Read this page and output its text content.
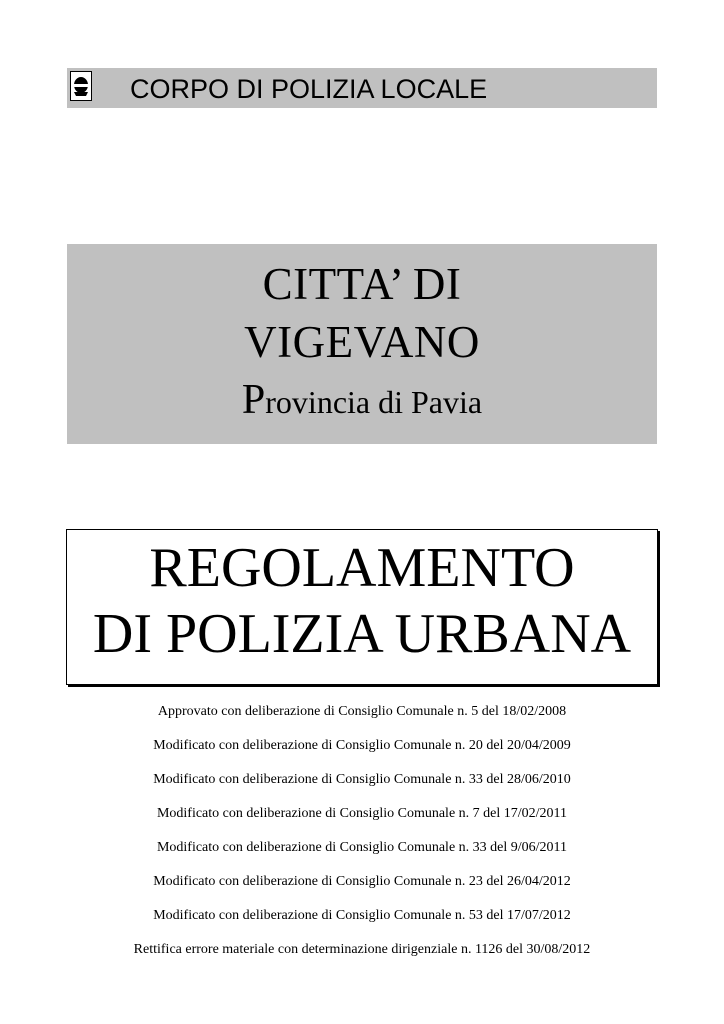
CORPO DI POLIZIA LOCALE
CITTA’ DI
VIGEVANO
Provincia di Pavia
REGOLAMENTO
DI POLIZIA URBANA
Approvato con deliberazione di Consiglio Comunale n. 5 del 18/02/2008
Modificato con deliberazione di Consiglio Comunale n. 20 del 20/04/2009
Modificato con deliberazione di Consiglio Comunale n. 33 del 28/06/2010
Modificato con deliberazione di Consiglio Comunale n. 7 del 17/02/2011
Modificato con deliberazione di Consiglio Comunale n. 33 del 9/06/2011
Modificato con deliberazione di Consiglio Comunale n. 23 del 26/04/2012
Modificato con deliberazione di Consiglio Comunale n. 53 del 17/07/2012
Rettifica errore materiale con determinazione dirigenziale n. 1126 del 30/08/2012
